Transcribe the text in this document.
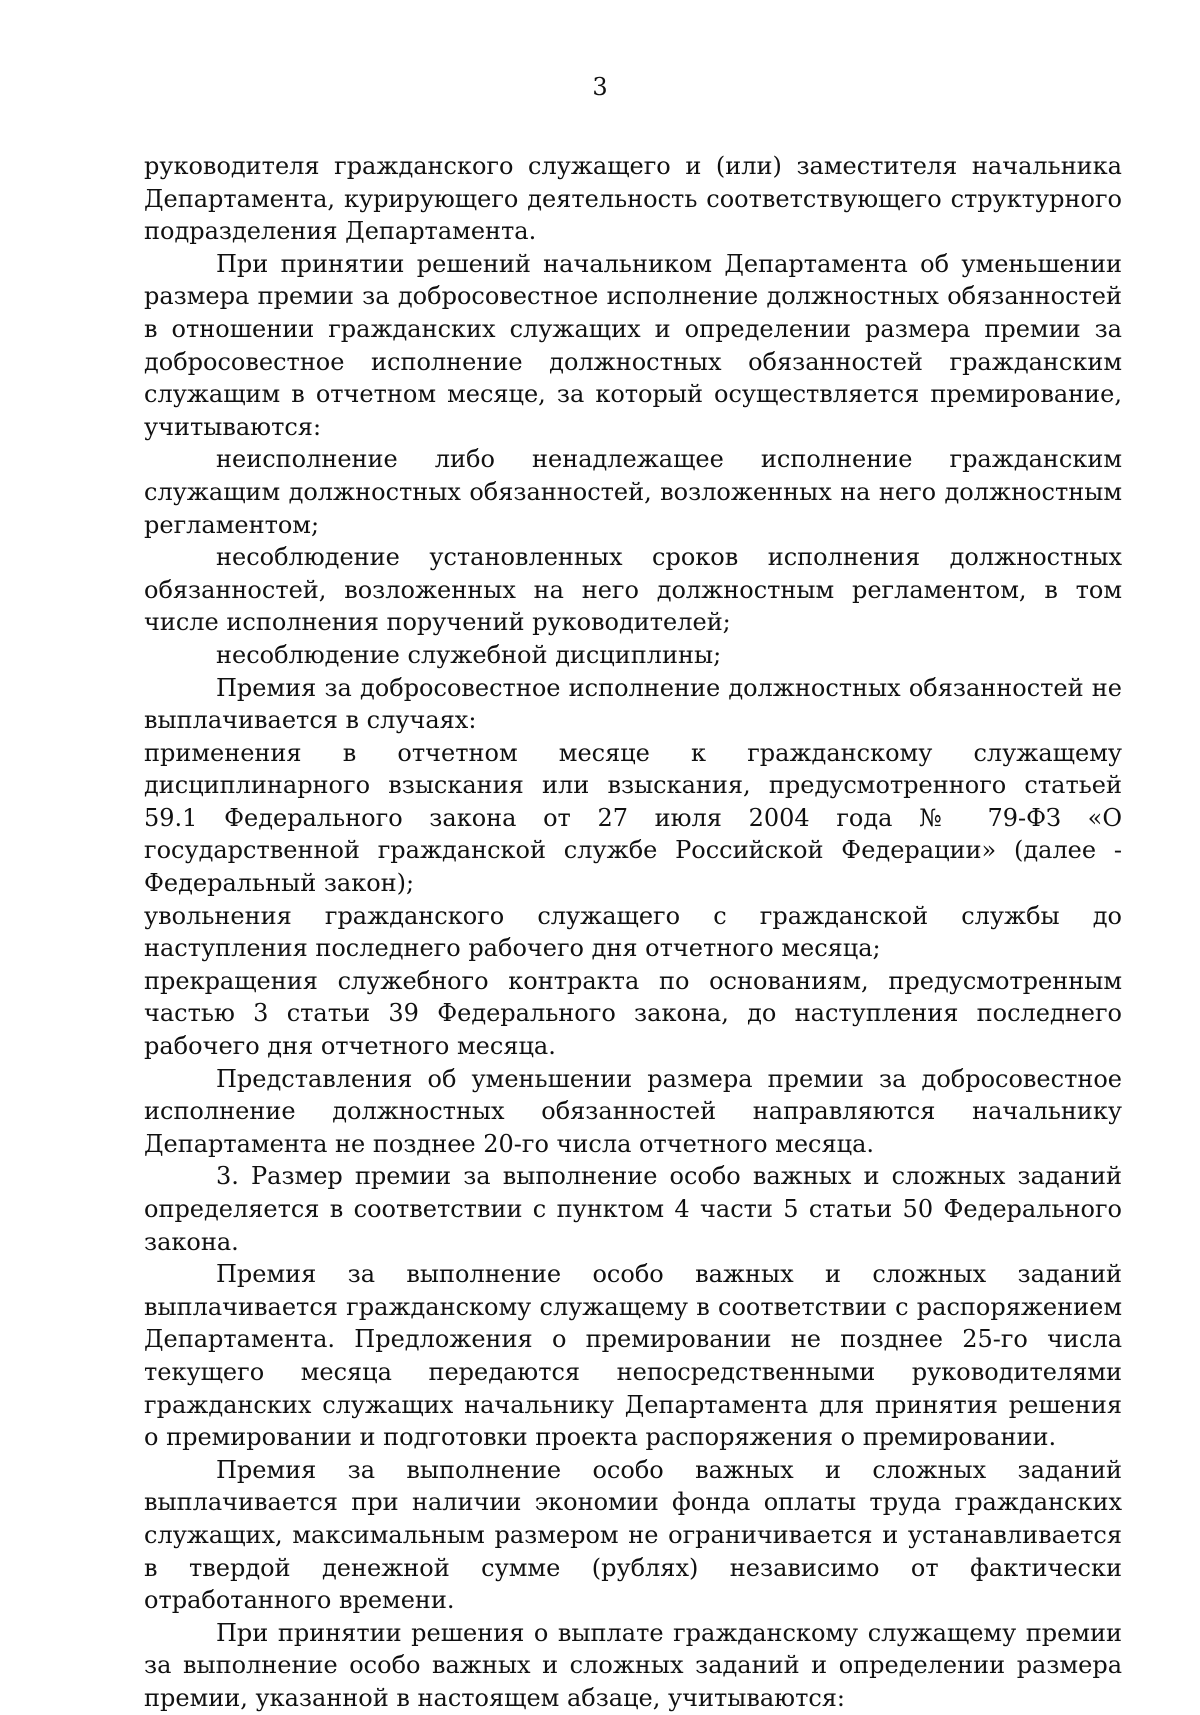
3

руководителя гражданского служащего и (или) заместителя начальника Департамента, курирующего деятельность соответствующего структурного подразделения Департамента.

При принятии решений начальником Департамента об уменьшении размера премии за добросовестное исполнение должностных обязанностей в отношении гражданских служащих и определении размера премии за добросовестное исполнение должностных обязанностей гражданским служащим в отчетном месяце, за который осуществляется премирование, учитываются:

неисполнение либо ненадлежащее исполнение гражданским служащим должностных обязанностей, возложенных на него должностным регламентом;

несоблюдение установленных сроков исполнения должностных обязанностей, возложенных на него должностным регламентом, в том числе исполнения поручений руководителей;

несоблюдение служебной дисциплины;

Премия за добросовестное исполнение должностных обязанностей не выплачивается в случаях:

применения в отчетном месяце к гражданскому служащему дисциплинарного взыскания или взыскания, предусмотренного статьей 59.1 Федерального закона от 27 июля 2004 года № 79-ФЗ «О государственной гражданской службе Российской Федерации» (далее - Федеральный закон);

увольнения гражданского служащего с гражданской службы до наступления последнего рабочего дня отчетного месяца;

прекращения служебного контракта по основаниям, предусмотренным частью 3 статьи 39 Федерального закона, до наступления последнего рабочего дня отчетного месяца.

Представления об уменьшении размера премии за добросовестное исполнение должностных обязанностей направляются начальнику Департамента не позднее 20-го числа отчетного месяца.

3. Размер премии за выполнение особо важных и сложных заданий определяется в соответствии с пунктом 4 части 5 статьи 50 Федерального закона.

Премия за выполнение особо важных и сложных заданий выплачивается гражданскому служащему в соответствии с распоряжением Департамента. Предложения о премировании не позднее 25-го числа текущего месяца передаются непосредственными руководителями гражданских служащих начальнику Департамента для принятия решения о премировании и подготовки проекта распоряжения о премировании.

Премия за выполнение особо важных и сложных заданий выплачивается при наличии экономии фонда оплаты труда гражданских служащих, максимальным размером не ограничивается и устанавливается в твердой денежной сумме (рублях) независимо от фактически отработанного времени.

При принятии решения о выплате гражданскому служащему премии за выполнение особо важных и сложных заданий и определении размера премии, указанной в настоящем абзаце, учитываются:
